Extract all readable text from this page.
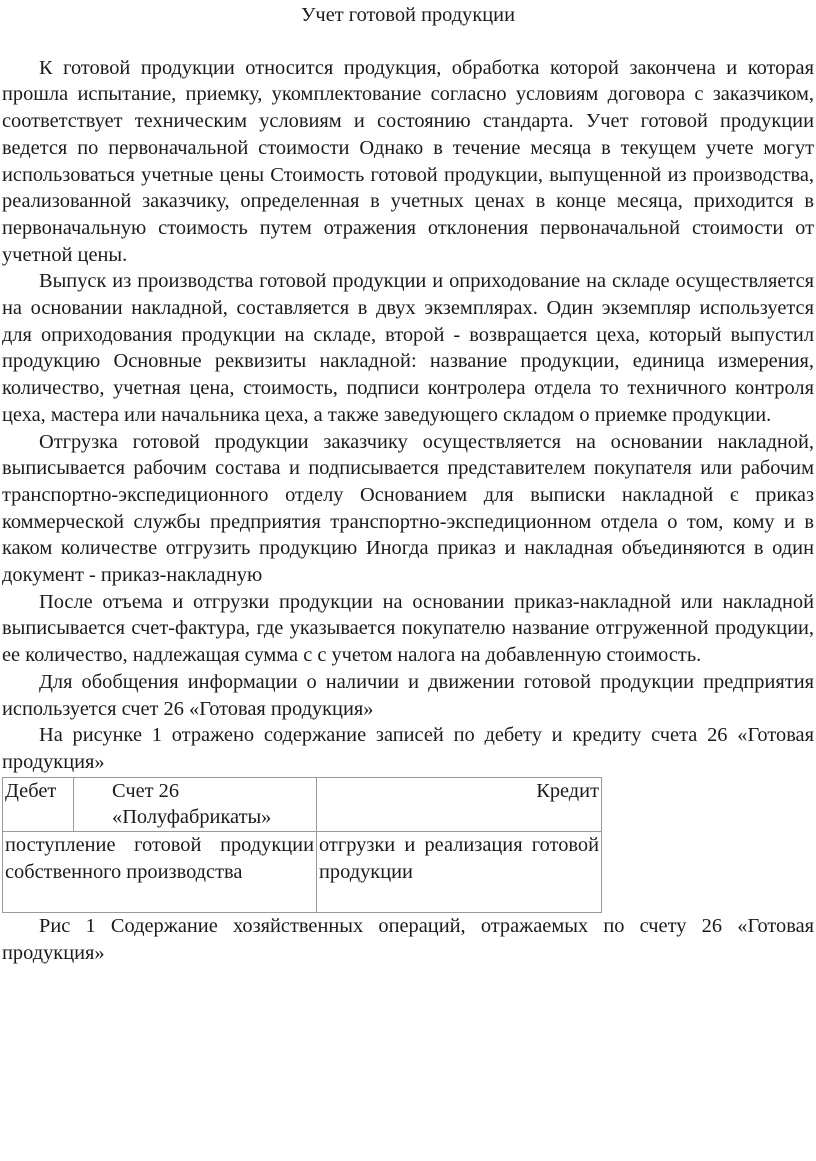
Учет готовой продукции

К готовой продукции относится продукция, обработка которой закончена и которая прошла испытание, приемку, укомплектование согласно условиям договора с заказчиком, соответствует техническим условиям и состоянию стандарта. Учет готовой продукции ведется по первоначальной стоимости Однако в течение месяца в текущем учете могут использоваться учетные цены Стоимость готовой продукции, выпущенной из производства, реализованной заказчику, определенная в учетных ценах в конце месяца, приходится в первоначальную стоимость путем отражения отклонения первоначальной стоимости от учетной цены.

Выпуск из производства готовой продукции и оприходование на складе осуществляется на основании накладной, составляется в двух экземплярах. Один экземпляр используется для оприходования продукции на складе, второй - возвращается цеха, который выпустил продукцию Основные реквизиты накладной: название продукции, единица измерения, количество, учетная цена, стоимость, подписи контролера отдела то техничного контроля цеха, мастера или начальника цеха, а также заведующего складом о приемке продукции.

Отгрузка готовой продукции заказчику осуществляется на основании накладной, выписывается рабочим состава и подписывается представителем покупателя или рабочим транспортно-экспедиционного отделу Основанием для выписки накладной є приказ коммерческой службы предприятия транспортно-экспедиционном отдела о том, кому и в каком количестве отгрузить продукцию Иногда приказ и накладная объединяются в один документ - приказ-накладную

После отъема и отгрузки продукции на основании приказ-накладной или накладной выписывается счет-фактура, где указывается покупателю название отгруженной продукции, ее количество, надлежащая сумма с с учетом налога на добавленную стоимость.

Для обобщения информации о наличии и движении готовой продукции предприятия используется счет 26 «Готовая продукция»

На рисунке 1 отражено содержание записей по дебету и кредиту счета 26 «Готовая продукция»

Дебет	Счет 26 «Полуфабрикаты»	Кредит
поступление готовой продукции собственного производства		отгрузки и реализация готовой продукции

Рис 1 Содержание хозяйственных операций, отражаемых по счету 26 «Готовая продукция»
